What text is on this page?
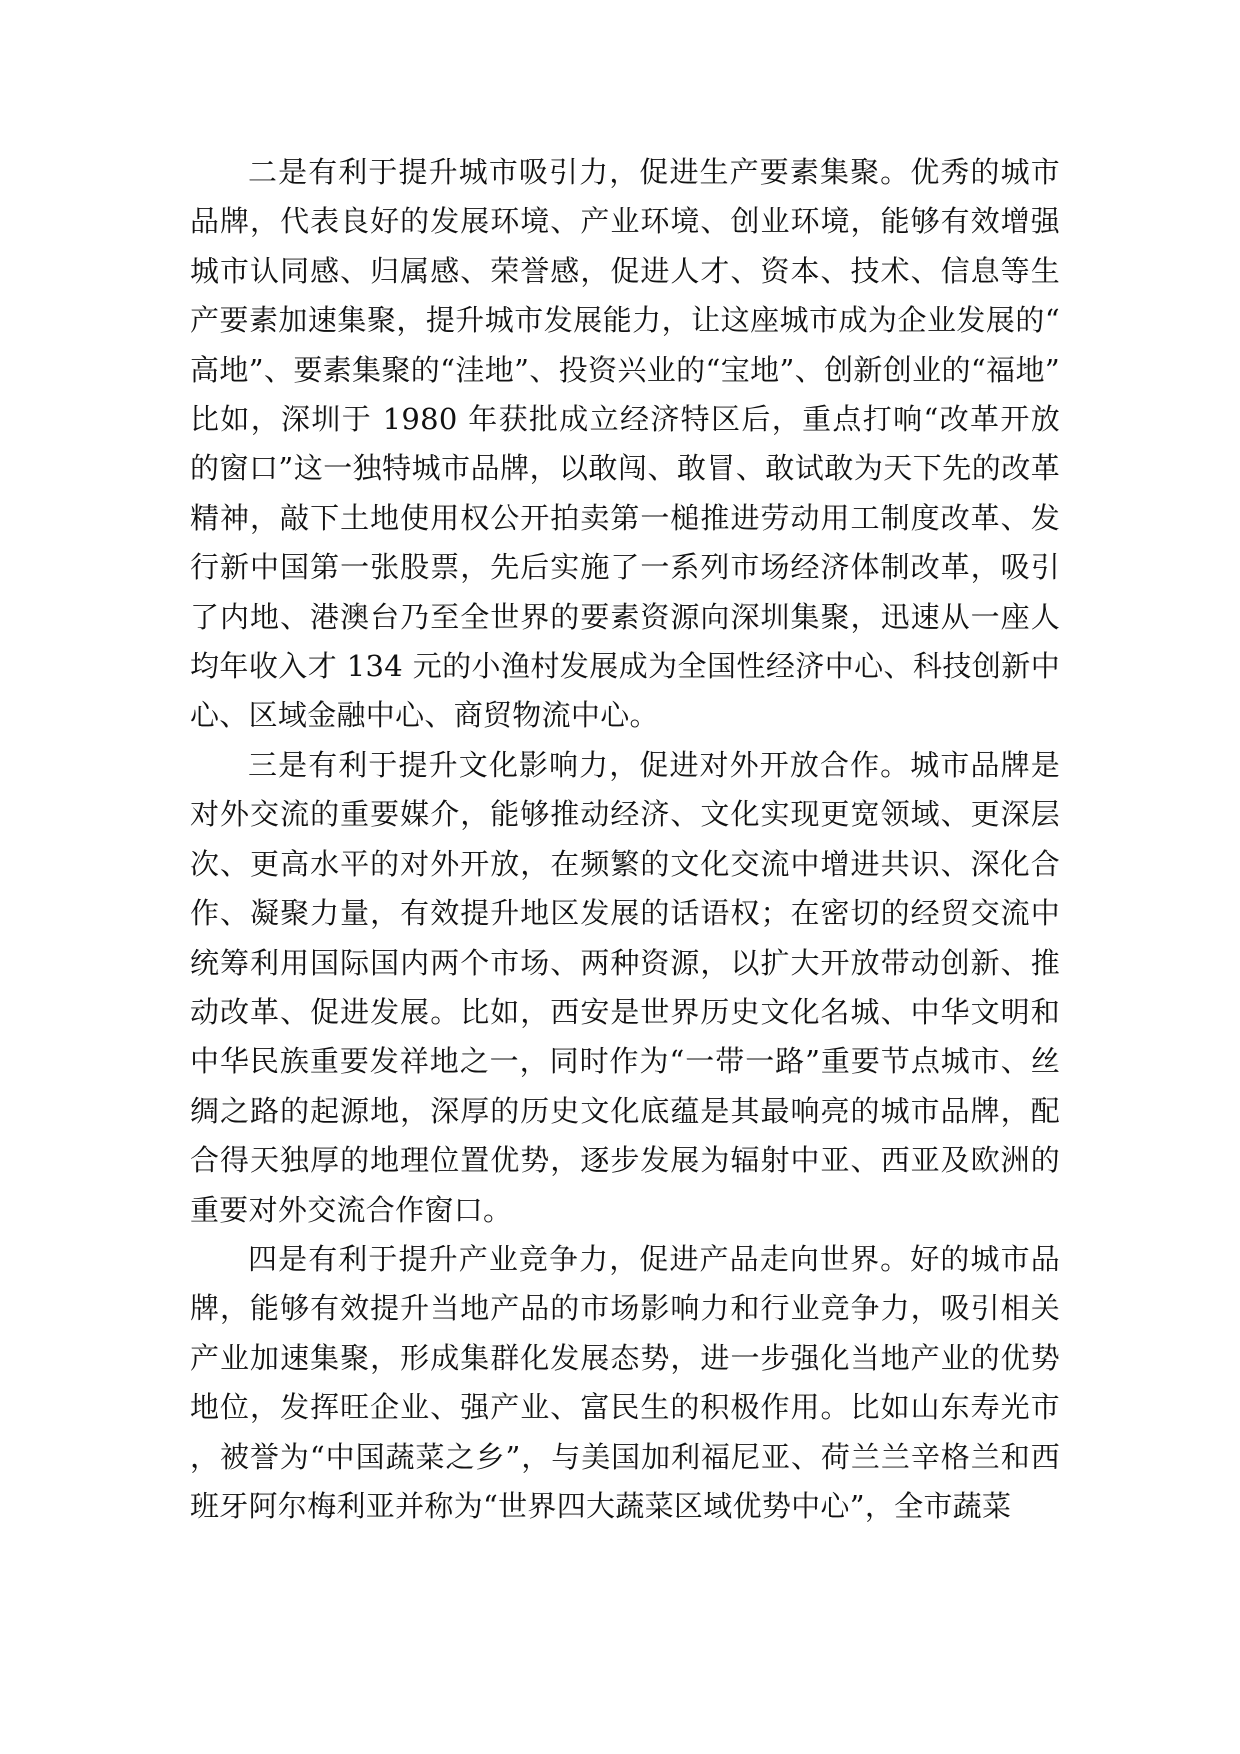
二是有利于提升城市吸引力，促进生产要素集聚。优秀的城市品牌，代表良好的发展环境、产业环境、创业环境，能够有效增强城市认同感、归属感、荣誉感，促进人才、资本、技术、信息等生产要素加速集聚，提升城市发展能力，让这座城市成为企业发展的“高地”、要素集聚的“洼地”、投资兴业的“宝地”、创新创业的“福地”比如，深圳于 1980 年获批成立经济特区后，重点打响“改革开放的窗口”这一独特城市品牌，以敢闯、敢冒、敢试敢为天下先的改革精神，敲下土地使用权公开拍卖第一槌推进劳动用工制度改革、发行新中国第一张股票，先后实施了一系列市场经济体制改革，吸引了内地、港澳台乃至全世界的要素资源向深圳集聚，迅速从一座人均年收入才 134 元的小渔村发展成为全国性经济中心、科技创新中心、区域金融中心、商贸物流中心。

三是有利于提升文化影响力，促进对外开放合作。城市品牌是对外交流的重要媒介，能够推动经济、文化实现更宽领域、更深层次、更高水平的对外开放，在频繁的文化交流中增进共识、深化合作、凝聚力量，有效提升地区发展的话语权；在密切的经贸交流中统筹利用国际国内两个市场、两种资源，以扩大开放带动创新、推动改革、促进发展。比如，西安是世界历史文化名城、中华文明和中华民族重要发祥地之一，同时作为“一带一路”重要节点城市、丝绸之路的起源地，深厚的历史文化底蕴是其最响亮的城市品牌，配合得天独厚的地理位置优势，逐步发展为辐射中亚、西亚及欧洲的重要对外交流合作窗口。

四是有利于提升产业竞争力，促进产品走向世界。好的城市品牌，能够有效提升当地产品的市场影响力和行业竞争力，吸引相关产业加速集聚，形成集群化发展态势，进一步强化当地产业的优势地位，发挥旺企业、强产业、富民生的积极作用。比如山东寿光市，被誉为“中国蔬菜之乡”，与美国加利福尼亚、荷兰兰辛格兰和西班牙阿尔梅利亚并称为“世界四大蔬菜区域优势中心”，全市蔬菜
